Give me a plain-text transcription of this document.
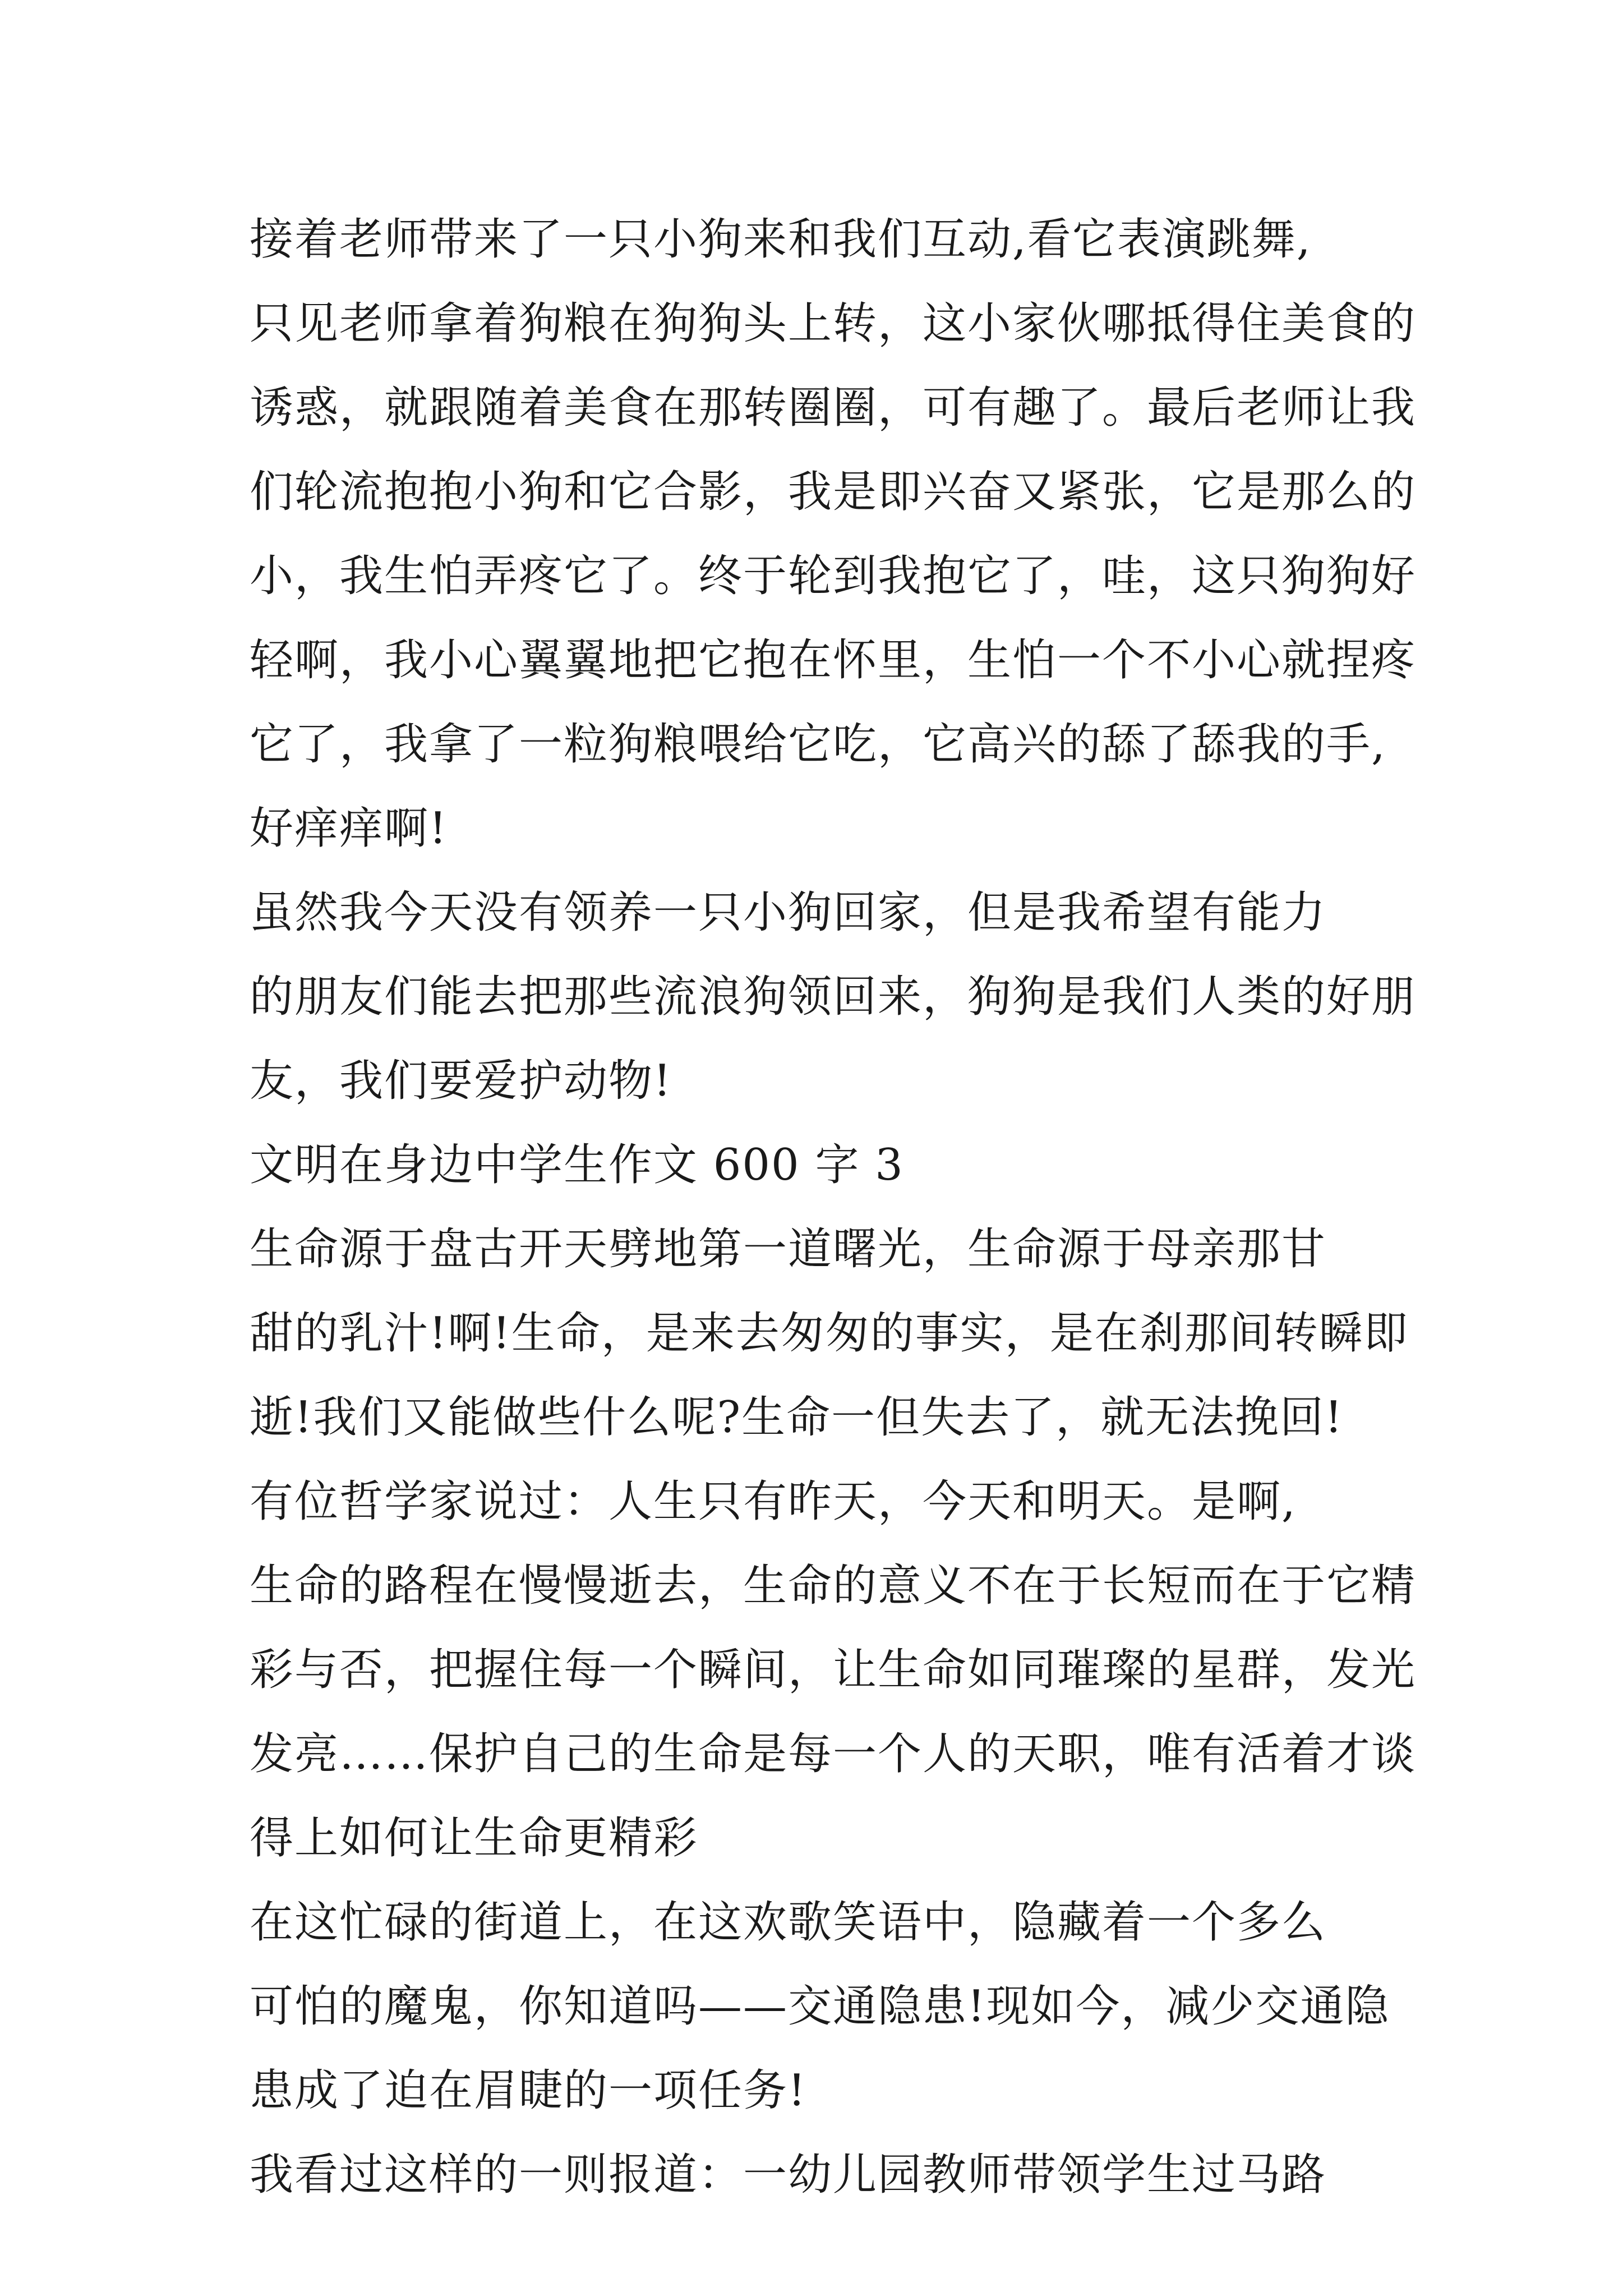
接着老师带来了一只小狗来和我们互动,看它表演跳舞,
只见老师拿着狗粮在狗狗头上转，这小家伙哪抵得住美食的
诱惑，就跟随着美食在那转圈圈，可有趣了。最后老师让我
们轮流抱抱小狗和它合影，我是即兴奋又紧张，它是那么的
小，我生怕弄疼它了。终于轮到我抱它了，哇，这只狗狗好
轻啊，我小心翼翼地把它抱在怀里，生怕一个不小心就捏疼
它了，我拿了一粒狗粮喂给它吃，它高兴的舔了舔我的手,
好痒痒啊!
虽然我今天没有领养一只小狗回家，但是我希望有能力
的朋友们能去把那些流浪狗领回来，狗狗是我们人类的好朋
友，我们要爱护动物!
文明在身边中学生作文 600 字 3
生命源于盘古开天劈地第一道曙光，生命源于母亲那甘
甜的乳汁!啊!生命，是来去匆匆的事实，是在刹那间转瞬即
逝!我们又能做些什么呢?生命一但失去了，就无法挽回!
有位哲学家说过：人生只有昨天，今天和明天。是啊,
生命的路程在慢慢逝去，生命的意义不在于长短而在于它精
彩与否，把握住每一个瞬间，让生命如同璀璨的星群，发光
发亮……保护自己的生命是每一个人的天职，唯有活着才谈
得上如何让生命更精彩
在这忙碌的街道上，在这欢歌笑语中，隐藏着一个多么
可怕的魔鬼，你知道吗——交通隐患!现如今，减少交通隐
患成了迫在眉睫的一项任务!
我看过这样的一则报道：一幼儿园教师带领学生过马路
